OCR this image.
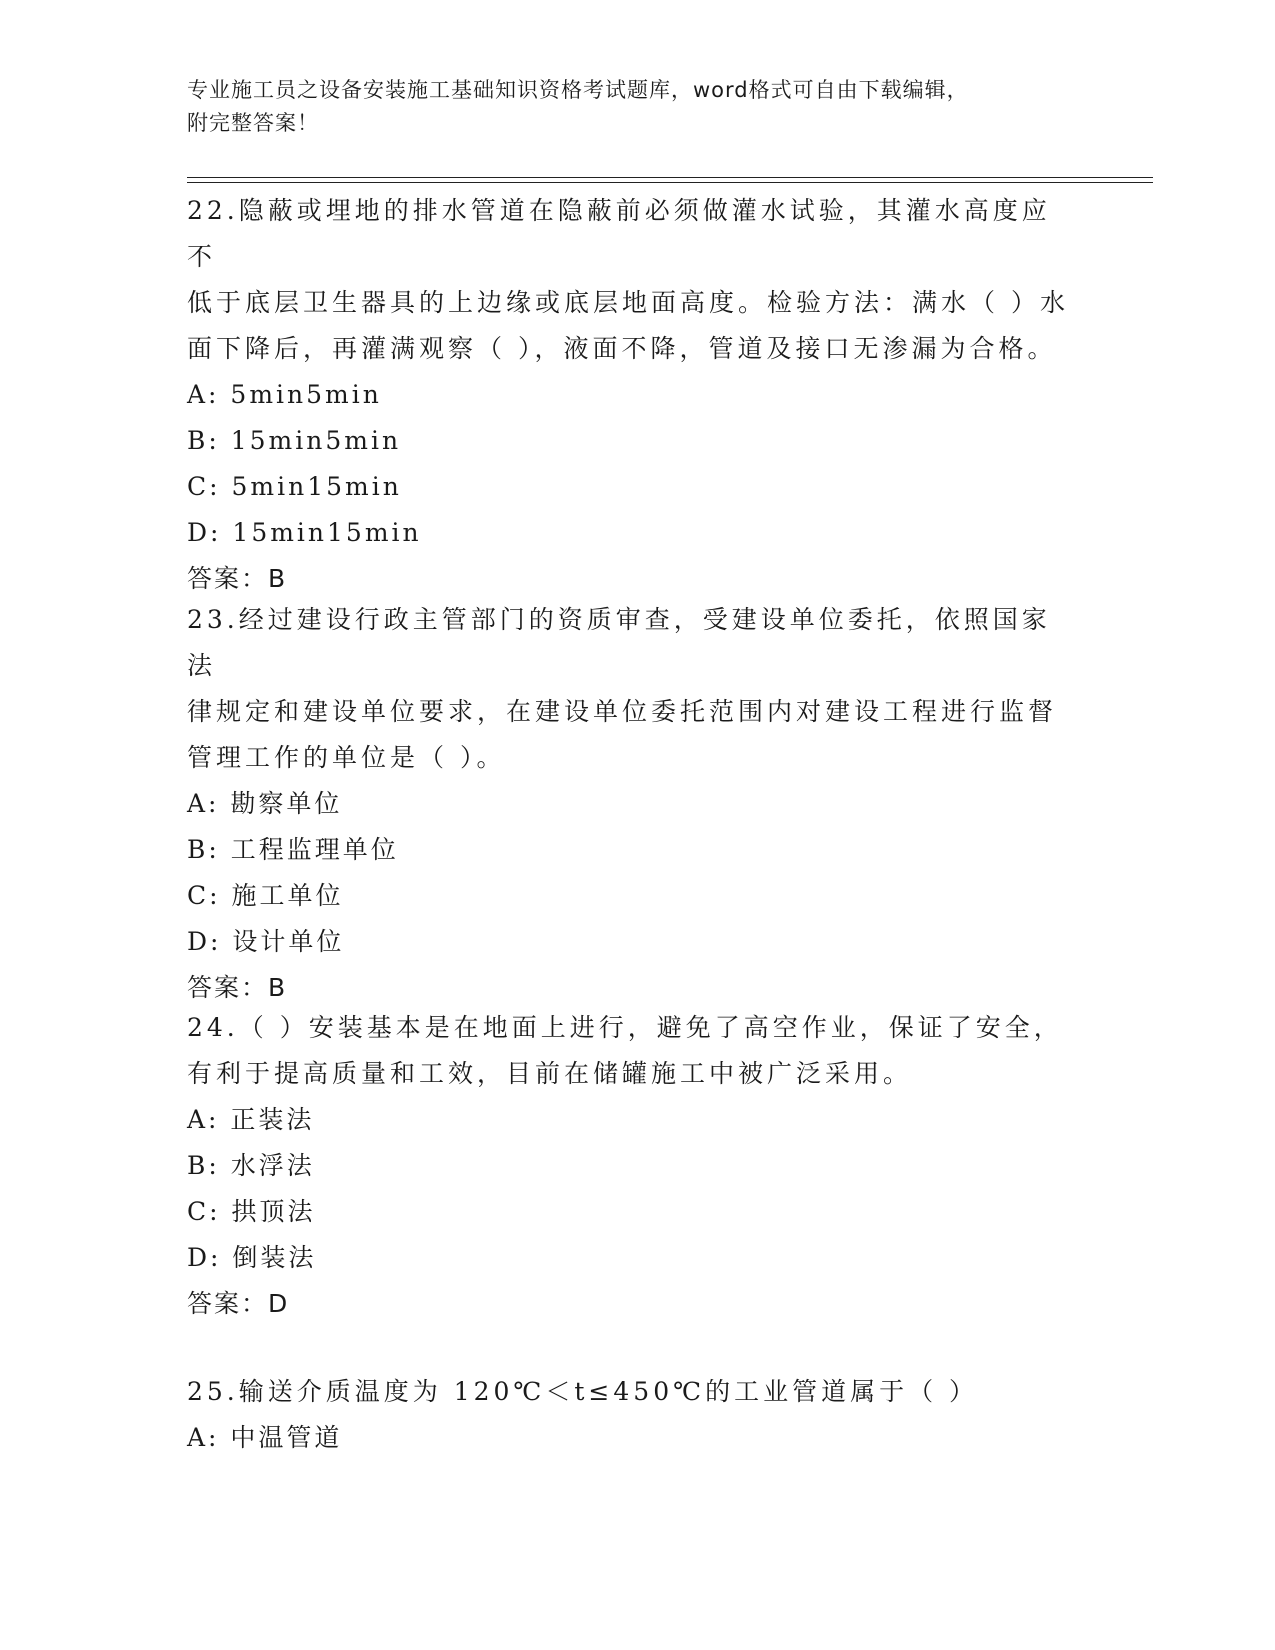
专业施工员之设备安装施工基础知识资格考试题库，word格式可自由下载编辑，
附完整答案！
22.隐蔽或埋地的排水管道在隐蔽前必须做灌水试验，其灌水高度应不
低于底层卫生器具的上边缘或底层地面高度。检验方法：满水（ ）水
面下降后，再灌满观察（ ），液面不降，管道及接口无渗漏为合格。
A: 5min5min
B: 15min5min
C: 5min15min
D: 15min15min
答案：B
23.经过建设行政主管部门的资质审查，受建设单位委托，依照国家法
律规定和建设单位要求，在建设单位委托范围内对建设工程进行监督
管理工作的单位是（ ）。
A: 勘察单位
B: 工程监理单位
C: 施工单位
D: 设计单位
答案：B
24.（ ）安装基本是在地面上进行，避免了高空作业，保证了安全，
有利于提高质量和工效，目前在储罐施工中被广泛采用。
A: 正装法
B: 水浮法
C: 拱顶法
D: 倒装法
答案：D
25.输送介质温度为 120℃＜t≤450℃的工业管道属于（ ）
A: 中温管道
